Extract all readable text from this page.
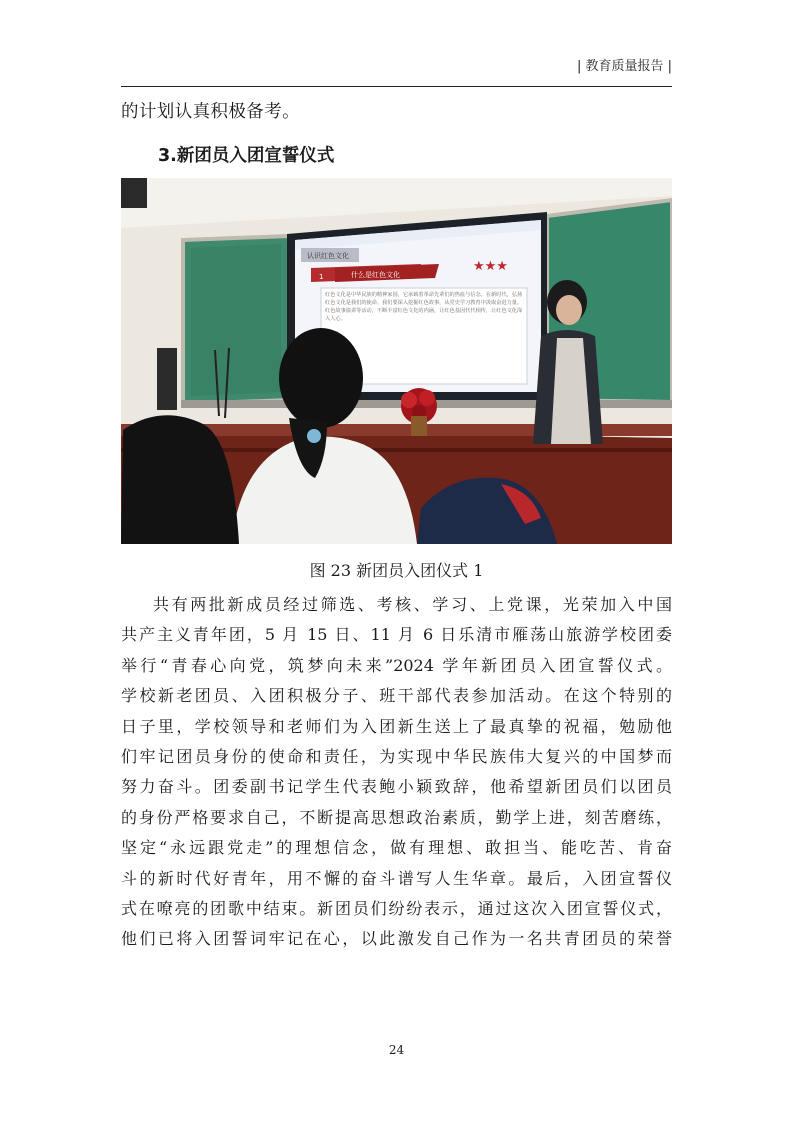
| 教育质量报告 |
的计划认真积极备考。
3.新团员入团宣誓仪式
认识红色文化
1	什么是红色文化
★★★
红色文化是中华民族的精神家园，它承载着革命先辈们的热血与信念。在新时代，弘扬红色文化是我们的使命。我们要深入挖掘红色故事，从党史学习教育中汲取奋进力量。红色故事演讲等活动，不断丰富红色文化的内涵，让红色基因代代相传，让红色文化深入人心。
图 23 新团员入团仪式 1
共有两批新成员经过筛选、考核、学习、上党课，光荣加入中国
共产主义青年团，5 月 15 日、11 月 6 日乐清市雁荡山旅游学校团委
举行“青春心向党，筑梦向未来”2024 学年新团员入团宣誓仪式。
学校新老团员、入团积极分子、班干部代表参加活动。在这个特别的
日子里，学校领导和老师们为入团新生送上了最真挚的祝福，勉励他
们牢记团员身份的使命和责任，为实现中华民族伟大复兴的中国梦而
努力奋斗。团委副书记学生代表鲍小颖致辞，他希望新团员们以团员
的身份严格要求自己，不断提高思想政治素质，勤学上进，刻苦磨练，
坚定“永远跟党走”的理想信念，做有理想、敢担当、能吃苦、肯奋
斗的新时代好青年，用不懈的奋斗谱写人生华章。最后，入团宣誓仪
式在嘹亮的团歌中结束。新团员们纷纷表示，通过这次入团宣誓仪式，
他们已将入团誓词牢记在心，以此激发自己作为一名共青团员的荣誉
24
